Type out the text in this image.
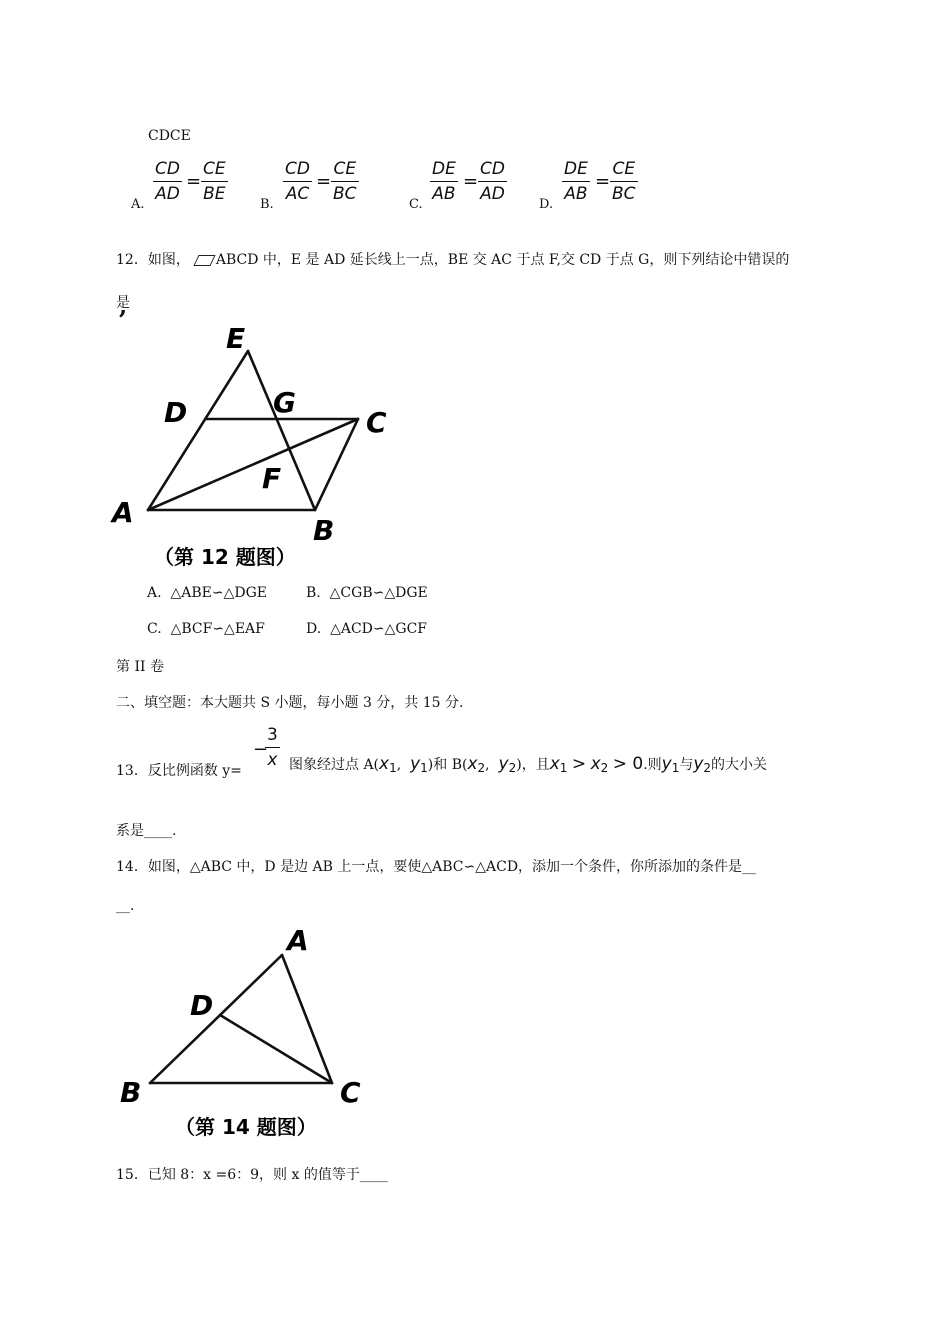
CDCE
A. $\frac{CD}{AD} = \frac{CE}{BE} B$. $\frac{CD}{AC} = \frac{CE}{BC}$	C. $\frac{DE}{AB} = \frac{CD}{AD} D$. $\frac{DE}{AB} = \frac{CE}{BC}$
12．如图， ABCD 中，E 是 AD 延长线上一点，BE 交 AC 于点 F,交 CD 于点 G，则下列结论中错误的
是
’
E
D	G
C
F
A
B
（第 12 题图）
A. △ABE∽△DGE	B. △CGB∽△DGE
C. △BCF∽△EAF	D. △ACD∽△GCF
第 II 卷
二、填空题：本大题共 S 小题，每小题 3 分，共 15 分.
13．反比例函数 y=
−
$\frac{3}{x}$ 图象经过点 A(x1, y1)和 B(x2, y2)，且x1 > x2 > 0.则y1与y2的大小关
系是____.
14．如图，△ABC 中，D 是边 AB 上一点，要使△ABC∽△ACD，添加一个条件，你所添加的条件是__
__.
A
D
B	C
（第 14 题图）
15．已知 8：x =6：9，则 x 的值等于____
